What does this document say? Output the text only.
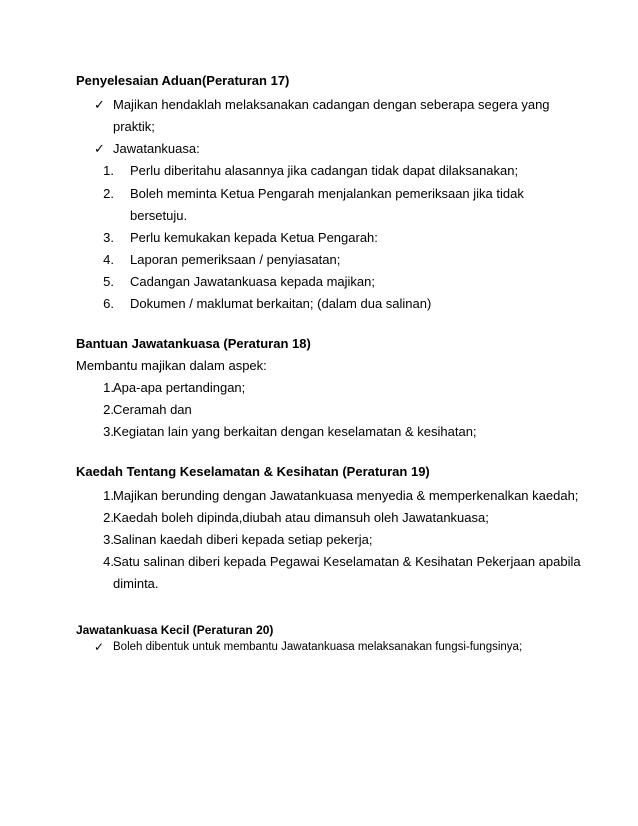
Penyelesaian Aduan(Peraturan 17)
✓ Majikan hendaklah melaksanakan cadangan dengan seberapa segera yang
praktik;
✓ Jawatankuasa:
1. Perlu diberitahu alasannya jika cadangan tidak dapat dilaksanakan;
2. Boleh meminta Ketua Pengarah menjalankan pemeriksaan jika tidak
bersetuju.
3. Perlu kemukakan kepada Ketua Pengarah:
4. Laporan pemeriksaan / penyiasatan;
5. Cadangan Jawatankuasa kepada majikan;
6. Dokumen / maklumat berkaitan; (dalam dua salinan)
Bantuan Jawatankuasa (Peraturan 18)
Membantu majikan dalam aspek:
1. Apa-apa pertandingan;
2. Ceramah dan
3. Kegiatan lain yang berkaitan dengan keselamatan & kesihatan;
Kaedah Tentang Keselamatan & Kesihatan (Peraturan 19)
1. Majikan berunding dengan Jawatankuasa menyedia & memperkenalkan kaedah;
2. Kaedah boleh dipinda,diubah atau dimansuh oleh Jawatankuasa;
3. Salinan kaedah diberi kepada setiap pekerja;
4. Satu salinan diberi kepada Pegawai Keselamatan & Kesihatan Pekerjaan apabila
diminta.
Jawatankuasa Kecil (Peraturan 20)
✓ Boleh dibentuk untuk membantu Jawatankuasa melaksanakan fungsi-fungsinya;
